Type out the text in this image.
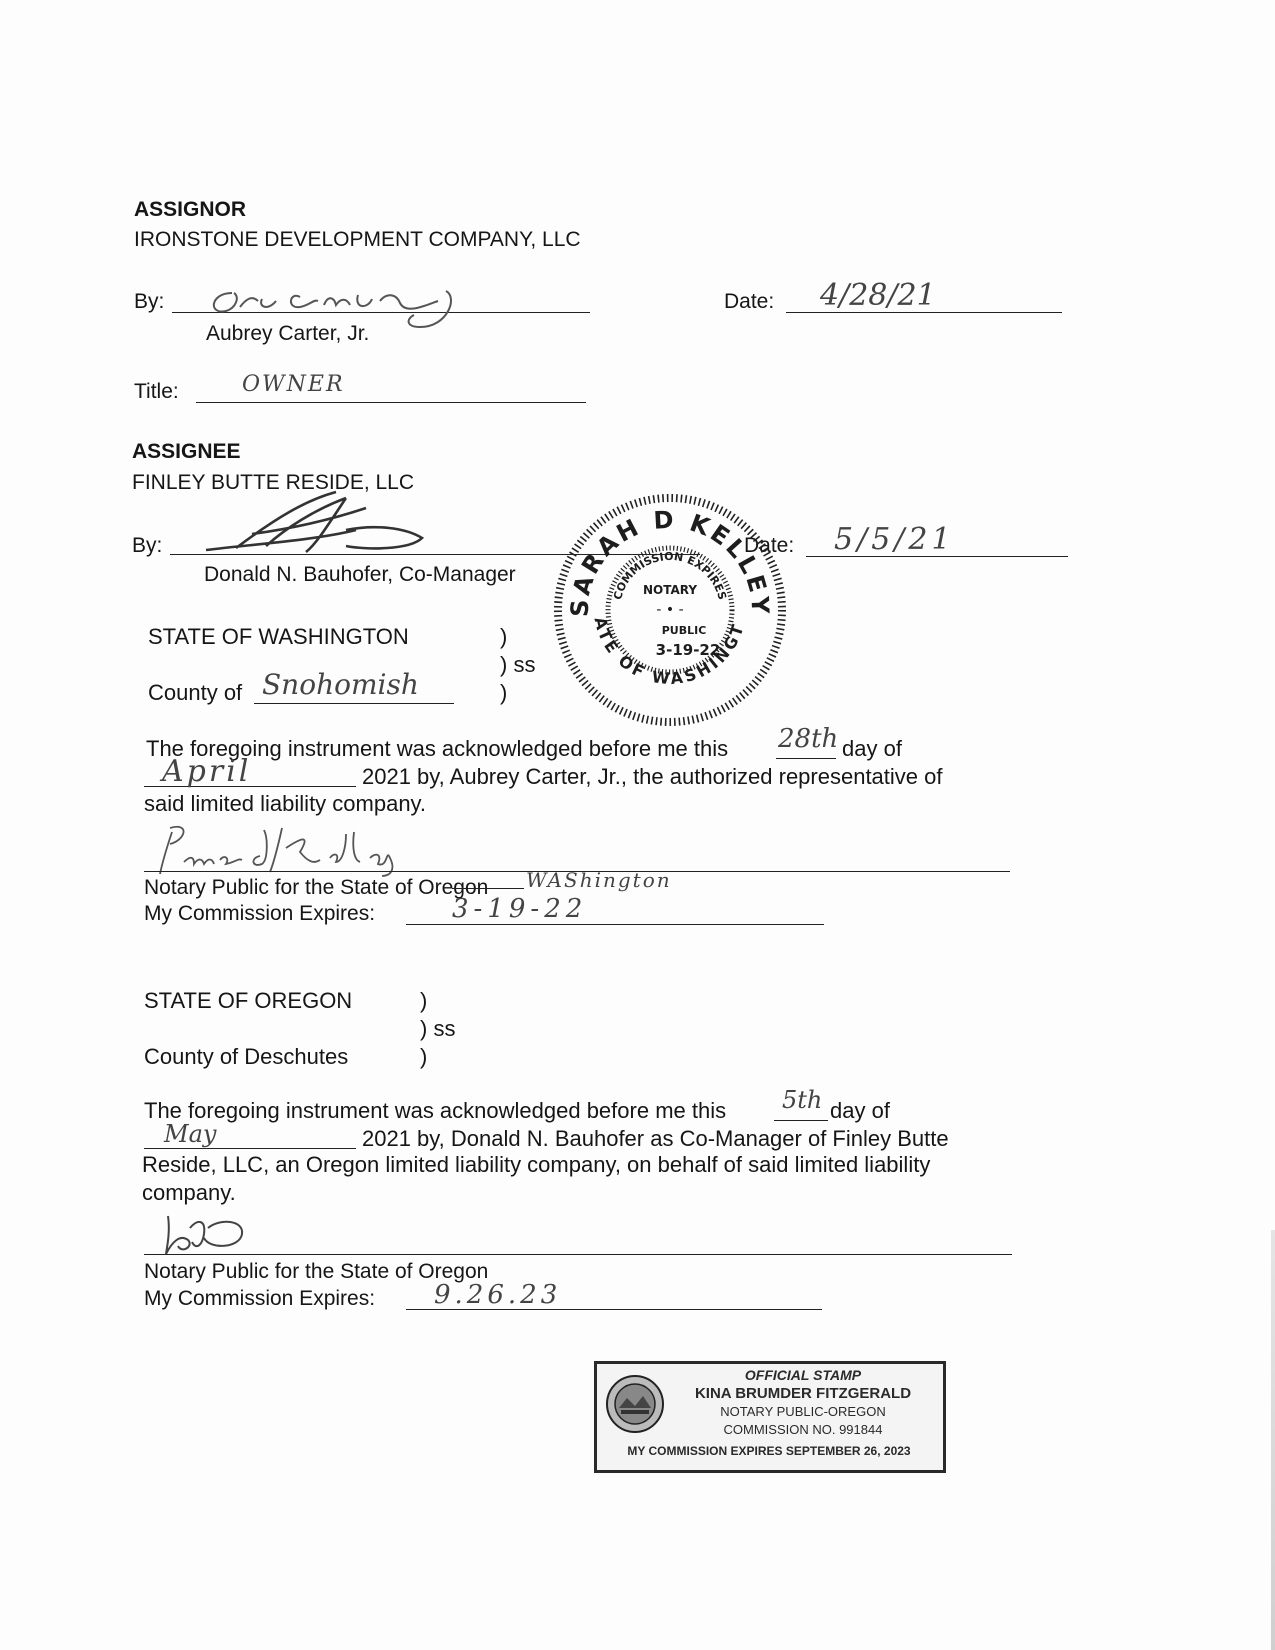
ASSIGNOR
IRONSTONE DEVELOPMENT COMPANY, LLC
By:
Aubrey Carter, Jr.
Date: 4/28/21
Title:	OWNER
ASSIGNEE
FINLEY BUTTE RESIDE, LLC
By:
Donald N. Bauhofer, Co-Manager
Date: 5/5/21
SARAH D KELLEY
STATE OF WASHINGTON
COMMISSION EXPIRES
NOTARY
- • -
PUBLIC
3-19-22
STATE OF WASHINGTON	)
) ss
)
County of Snohomish
The foregoing instrument was acknowledged before me this 28th day of
April	2021 by, Aubrey Carter, Jr., the authorized representative of
said limited liability company.
Notary Public for the State of Oregon WAShington
My Commission Expires:	3-19-22
STATE OF OREGON	)
) ss
)
County of Deschutes
The foregoing instrument was acknowledged before me this 5th day of
May	2021 by, Donald N. Bauhofer as Co-Manager of Finley Butte
Reside, LLC, an Oregon limited liability company, on behalf of said limited liability
company.
Notary Public for the State of Oregon
My Commission Expires: 9.26.23
OFFICIAL STAMP
KINA BRUMDER FITZGERALD
NOTARY PUBLIC-OREGON
COMMISSION NO. 991844
MY COMMISSION EXPIRES SEPTEMBER 26, 2023
